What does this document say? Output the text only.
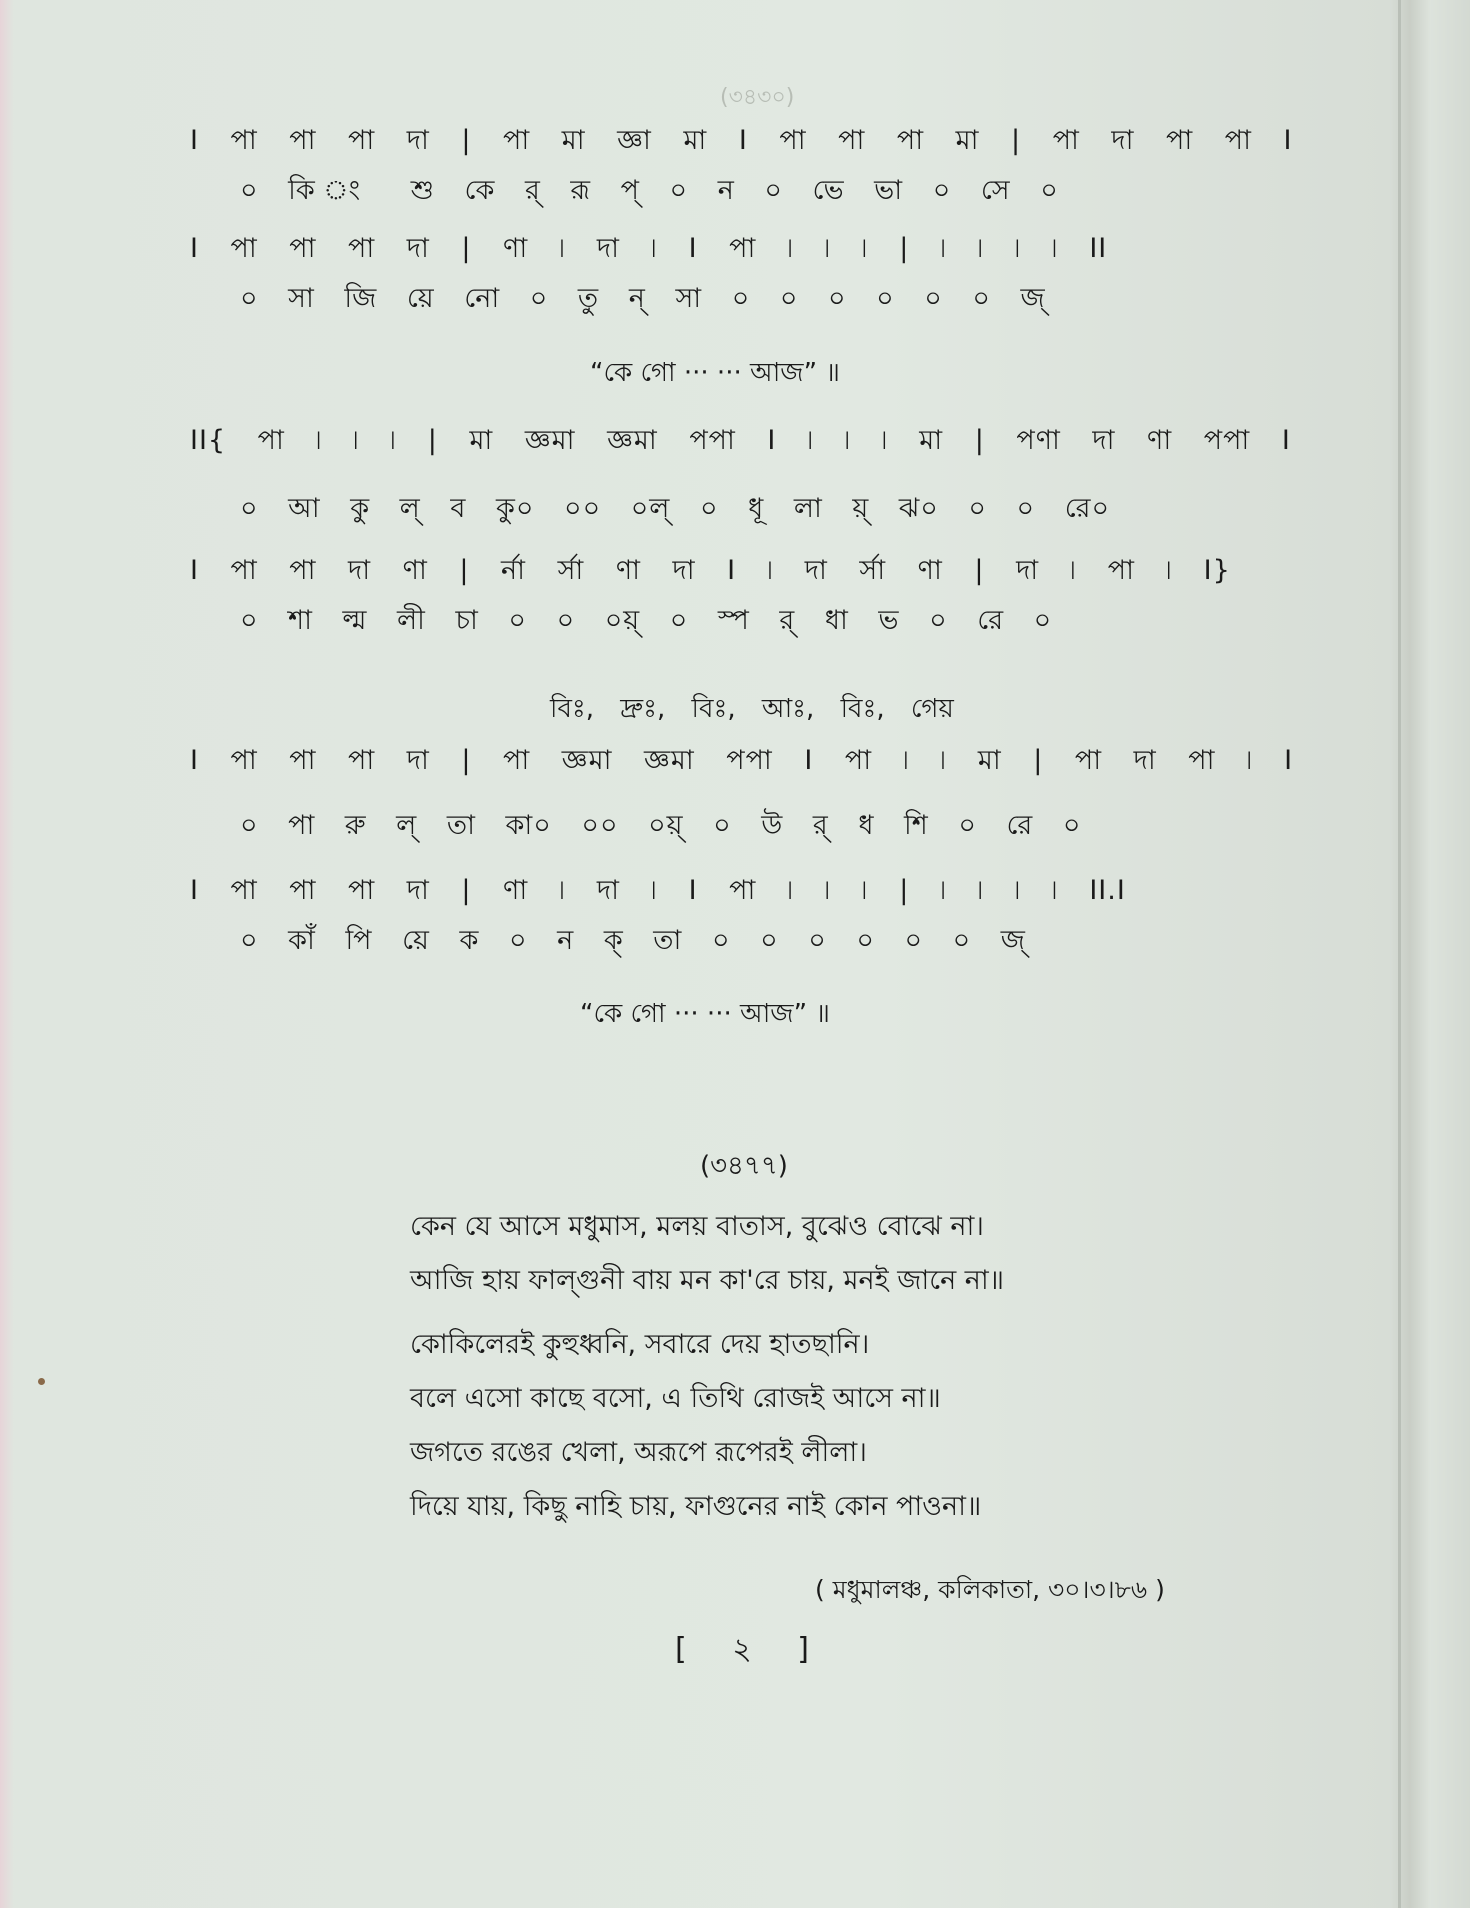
(৩৪৩০)
I পা পা পা দা | পা মা জ্ঞা মা I পা পা পা মা | পা দা পা পা I
০ কি ং শু কে র্ রূ প্ ০ ন ০ ভে ভা ০ সে ০
I পা পা পা দা | ণা ৷ দা ৷ I পা ৷ ৷ ৷ | ৷ ৷ ৷ ৷ II
০ সা জি য়ে নো ০ তু ন্ সা ০ ০ ০ ০ ০ ০ জ্
“কে গো ··· ··· আজ” ॥
II{ পা ৷ ৷ ৷ | মা জ্ঞমা জ্ঞমা পপা I ৷ ৷ ৷ মা | পণা দা ণা পপা I
০ আ কু ল্ ব কু০ ০০ ০ল্ ০ ধূ লা য়্ ঝ০ ০ ০ রে০
I পা পা দা ণা | র্না র্সা ণা দা I ৷ দা র্সা ণা | দা ৷ পা ৷ I}
০ শা ল্ম লী চা ০ ০ ০য়্ ০ স্প র্ ধা ভ ০ রে ০
বিঃ, দ্রুঃ, বিঃ, আঃ, বিঃ, গেয়
I পা পা পা দা | পা জ্ঞমা জ্ঞমা পপা I পা ৷ ৷ মা | পা দা পা ৷ I
০ পা রু ল্ তা কা০ ০০ ০য়্ ০ উ র্ ধ শি ০ রে ০
I পা পা পা দা | ণা ৷ দা ৷ I পা ৷ ৷ ৷ | ৷ ৷ ৷ ৷ II.I
০ কাঁ পি য়ে ক ০ ন ক্ তা ০ ০ ০ ০ ০ ০ জ্
“কে গো ··· ··· আজ” ॥
(৩৪৭৭)
কেন যে আসে মধুমাস, মলয় বাতাস, বুঝেও বোঝে না।
আজি হায় ফাল্গুনী বায় মন কা'রে চায়, মনই জানে না॥
কোকিলেরই কুহুধ্বনি, সবারে দেয় হাতছানি।
বলে এসো কাছে বসো, এ তিথি রোজই আসে না॥
জগতে রঙের খেলা, অরূপে রূপেরই লীলা।
দিয়ে যায়, কিছু নাহি চায়, ফাগুনের নাই কোন পাওনা॥
( মধুমালঞ্চ, কলিকাতা, ৩০।৩।৮৬ )
[ ২ ]
